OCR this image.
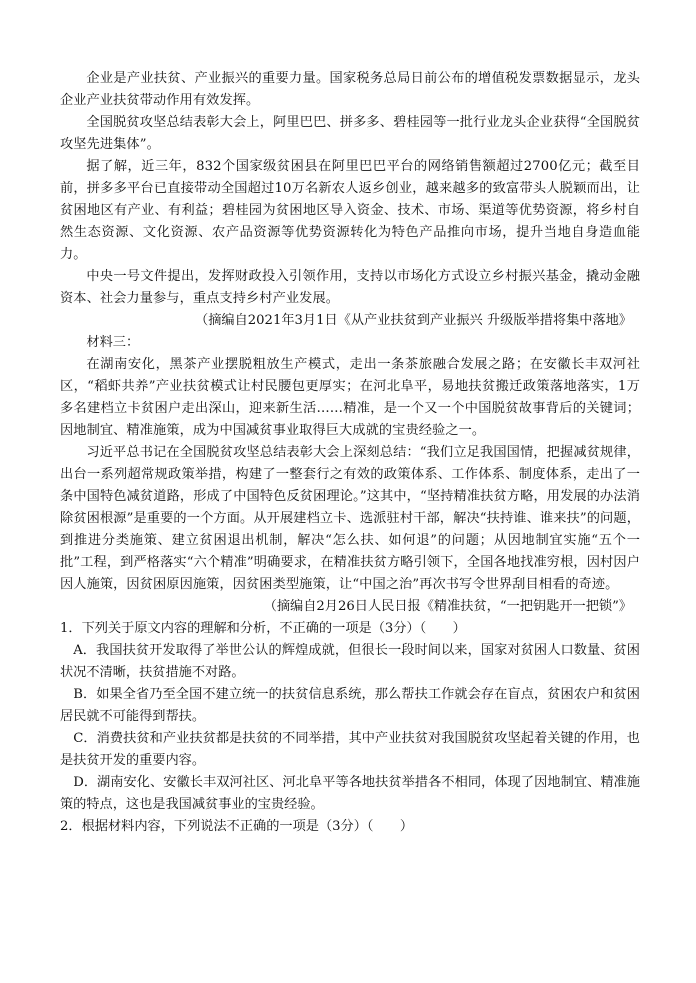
企业是产业扶贫、产业振兴的重要力量。国家税务总局日前公布的增值税发票数据显示，龙头企业产业扶贫带动作用有效发挥。

全国脱贫攻坚总结表彰大会上，阿里巴巴、拼多多、碧桂园等一批行业龙头企业获得“全国脱贫攻坚先进集体”。

据了解，近三年，832个国家级贫困县在阿里巴巴平台的网络销售额超过2700亿元；截至目前，拼多多平台已直接带动全国超过10万名新农人返乡创业，越来越多的致富带头人脱颖而出，让贫困地区有产业、有利益；碧桂园为贫困地区导入资金、技术、市场、渠道等优势资源，将乡村自然生态资源、文化资源、农产品资源等优势资源转化为特色产品推向市场，提升当地自身造血能力。

中央一号文件提出，发挥财政投入引领作用，支持以市场化方式设立乡村振兴基金，撬动金融资本、社会力量参与，重点支持乡村产业发展。

（摘编自2021年3月1日《从产业扶贫到产业振兴 升级版举措将集中落地》

材料三：

在湖南安化，黑茶产业摆脱粗放生产模式，走出一条茶旅融合发展之路；在安徽长丰双河社区，“稻虾共养”产业扶贫模式让村民腰包更厚实；在河北阜平，易地扶贫搬迁政策落地落实，1万多名建档立卡贫困户走出深山，迎来新生活……精准，是一个又一个中国脱贫故事背后的关键词；因地制宜、精准施策，成为中国减贫事业取得巨大成就的宝贵经验之一。

习近平总书记在全国脱贫攻坚总结表彰大会上深刻总结：“我们立足我国国情，把握减贫规律，出台一系列超常规政策举措，构建了一整套行之有效的政策体系、工作体系、制度体系，走出了一条中国特色减贫道路，形成了中国特色反贫困理论。”这其中，“坚持精准扶贫方略，用发展的办法消除贫困根源”是重要的一个方面。从开展建档立卡、选派驻村干部，解决“扶持谁、谁来扶”的问题，到推进分类施策、建立贫困退出机制，解决“怎么扶、如何退”的问题；从因地制宜实施“五个一批”工程，到严格落实“六个精准”明确要求，在精准扶贫方略引领下，全国各地找准穷根，因村因户因人施策，因贫困原因施策，因贫困类型施策，让“中国之治”再次书写令世界刮目相看的奇迹。

（摘编自2月26日人民日报《精准扶贫，“一把钥匙开一把锁”》

1．下列关于原文内容的理解和分析，不正确的一项是（3分）（　　）

A．我国扶贫开发取得了举世公认的辉煌成就，但很长一段时间以来，国家对贫困人口数量、贫困状况不清晰，扶贫措施不对路。

B．如果全省乃至全国不建立统一的扶贫信息系统，那么帮扶工作就会存在盲点，贫困农户和贫困居民就不可能得到帮扶。

C．消费扶贫和产业扶贫都是扶贫的不同举措，其中产业扶贫对我国脱贫攻坚起着关键的作用，也是扶贫开发的重要内容。

D．湖南安化、安徽长丰双河社区、河北阜平等各地扶贫举措各不相同，体现了因地制宜、精准施策的特点，这也是我国减贫事业的宝贵经验。

2．根据材料内容，下列说法不正确的一项是（3分）（　　）
